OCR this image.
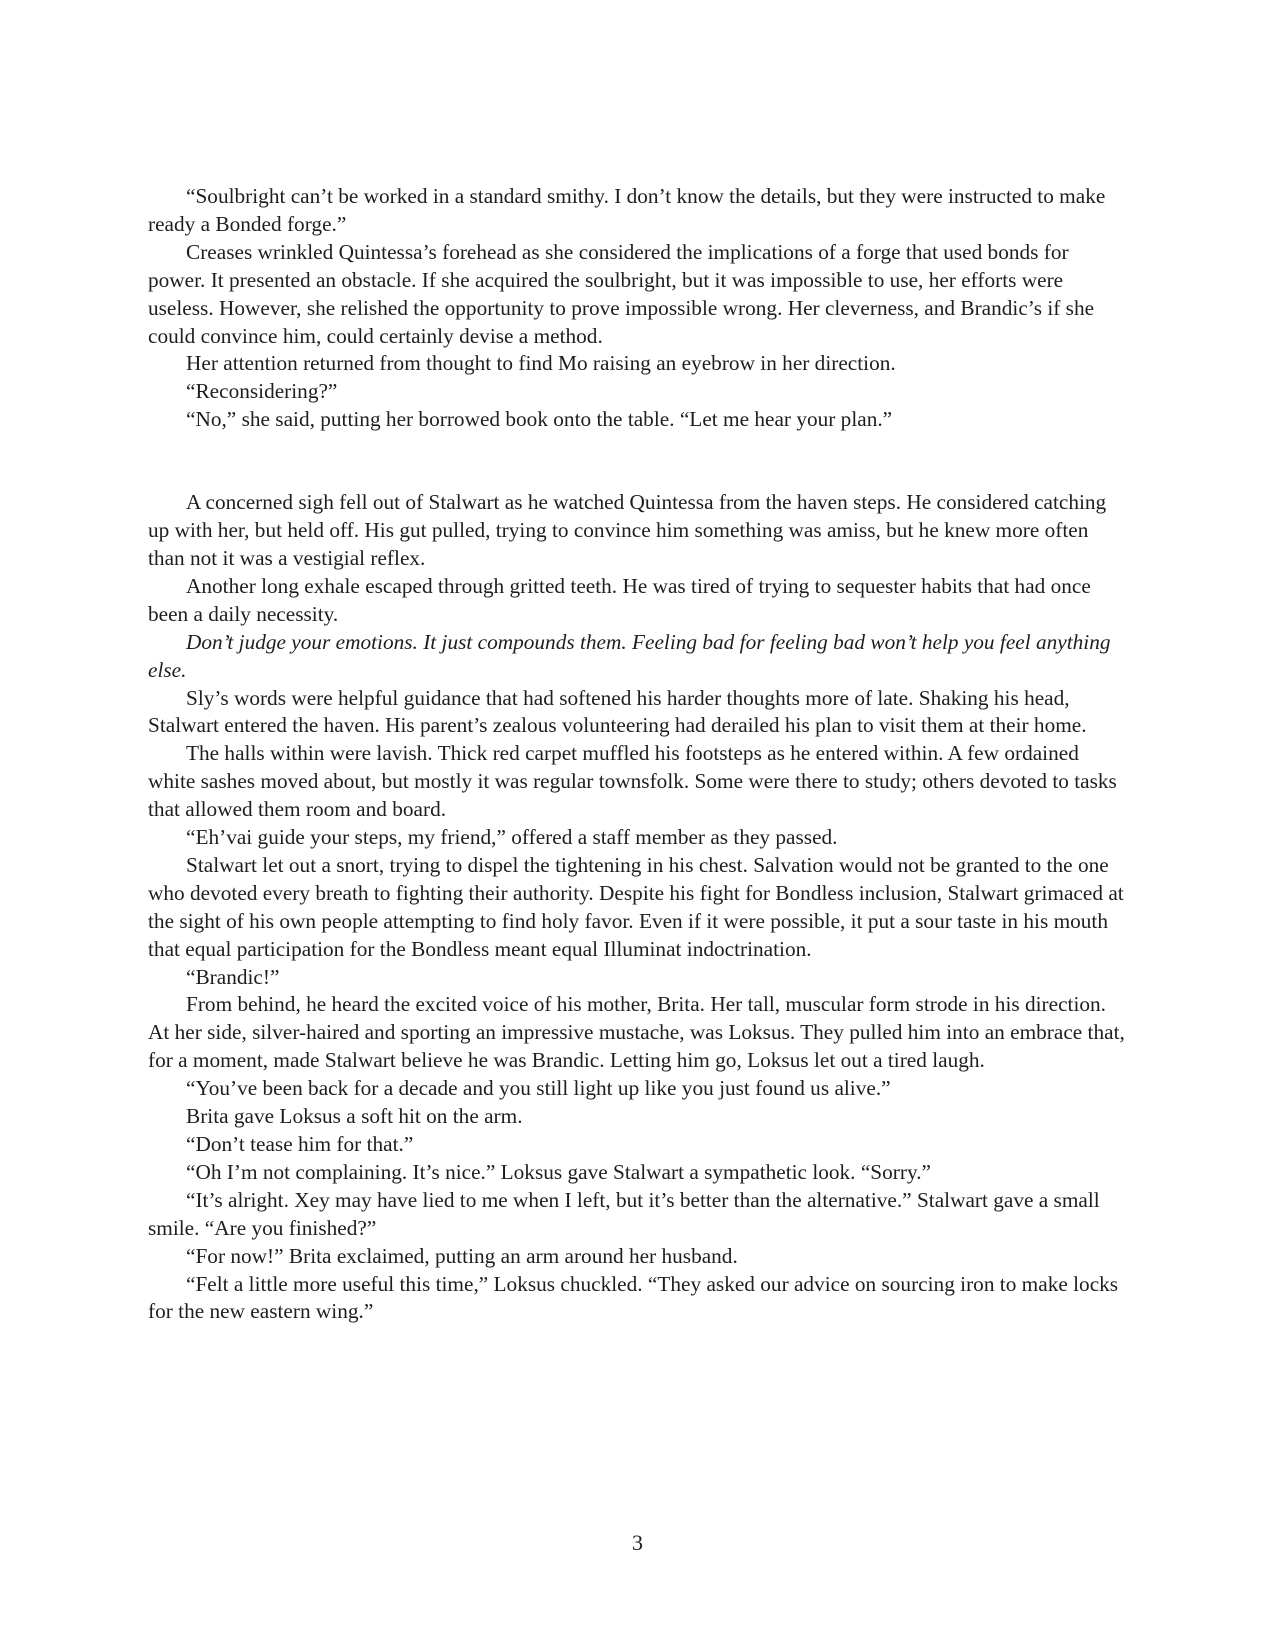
“Soulbright can’t be worked in a standard smithy. I don’t know the details, but they were instructed to make ready a Bonded forge.”

Creases wrinkled Quintessa’s forehead as she considered the implications of a forge that used bonds for power. It presented an obstacle. If she acquired the soulbright, but it was impossible to use, her efforts were useless. However, she relished the opportunity to prove impossible wrong. Her cleverness, and Brandic’s if she could convince him, could certainly devise a method.

Her attention returned from thought to find Mo raising an eyebrow in her direction.

“Reconsidering?”

“No,” she said, putting her borrowed book onto the table. “Let me hear your plan.”

A concerned sigh fell out of Stalwart as he watched Quintessa from the haven steps. He considered catching up with her, but held off. His gut pulled, trying to convince him something was amiss, but he knew more often than not it was a vestigial reflex.

Another long exhale escaped through gritted teeth. He was tired of trying to sequester habits that had once been a daily necessity.

Don’t judge your emotions. It just compounds them. Feeling bad for feeling bad won’t help you feel anything else.

Sly’s words were helpful guidance that had softened his harder thoughts more of late. Shaking his head, Stalwart entered the haven. His parent’s zealous volunteering had derailed his plan to visit them at their home.

The halls within were lavish. Thick red carpet muffled his footsteps as he entered within. A few ordained white sashes moved about, but mostly it was regular townsfolk. Some were there to study; others devoted to tasks that allowed them room and board.

“Eh’vai guide your steps, my friend,” offered a staff member as they passed.

Stalwart let out a snort, trying to dispel the tightening in his chest. Salvation would not be granted to the one who devoted every breath to fighting their authority. Despite his fight for Bondless inclusion, Stalwart grimaced at the sight of his own people attempting to find holy favor. Even if it were possible, it put a sour taste in his mouth that equal participation for the Bondless meant equal Illuminat indoctrination.

“Brandic!”

From behind, he heard the excited voice of his mother, Brita. Her tall, muscular form strode in his direction. At her side, silver-haired and sporting an impressive mustache, was Loksus. They pulled him into an embrace that, for a moment, made Stalwart believe he was Brandic. Letting him go, Loksus let out a tired laugh.

“You’ve been back for a decade and you still light up like you just found us alive.”

Brita gave Loksus a soft hit on the arm.

“Don’t tease him for that.”

“Oh I’m not complaining. It’s nice.” Loksus gave Stalwart a sympathetic look. “Sorry.”

“It’s alright. Xey may have lied to me when I left, but it’s better than the alternative.” Stalwart gave a small smile. “Are you finished?”

“For now!” Brita exclaimed, putting an arm around her husband.

“Felt a little more useful this time,” Loksus chuckled. “They asked our advice on sourcing iron to make locks for the new eastern wing.”

3
